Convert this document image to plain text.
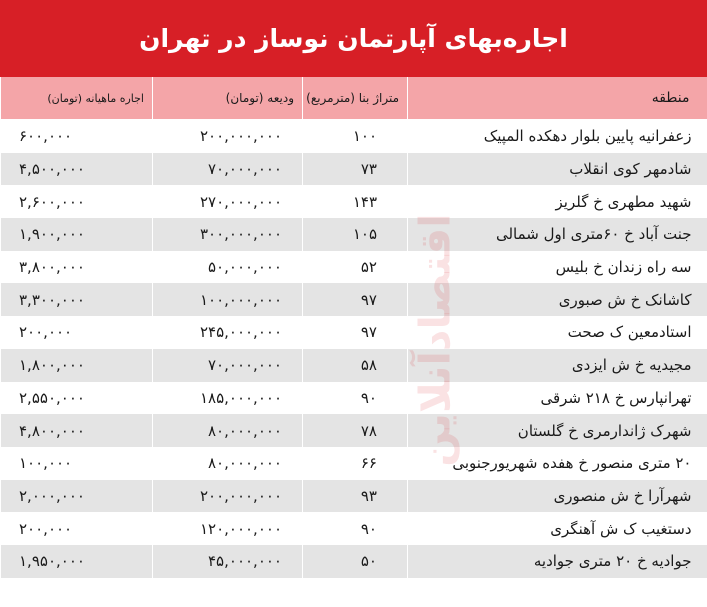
اجاره‌بهای آپارتمان نوساز در تهران
منطقه	متراژ بنا (مترمربع)	ودیعه (تومان)	اجاره ماهیانه (تومان)
زعفرانیه پایین بلوار دهکده المپیک	۱۰۰	۲۰۰,۰۰۰,۰۰۰	۶۰۰,۰۰۰
شادمهر کوی انقلاب	۷۳	۷۰,۰۰۰,۰۰۰	۴,۵۰۰,۰۰۰
شهید مطهری خ گلریز	۱۴۳	۲۷۰,۰۰۰,۰۰۰	۲,۶۰۰,۰۰۰
جنت آباد خ ۶۰متری اول شمالی	۱۰۵	۳۰۰,۰۰۰,۰۰۰	۱,۹۰۰,۰۰۰
سه راه زندان خ بلیس	۵۲	۵۰,۰۰۰,۰۰۰	۳,۸۰۰,۰۰۰
کاشانک خ ش صبوری	۹۷	۱۰۰,۰۰۰,۰۰۰	۳,۳۰۰,۰۰۰
استادمعین ک صحت	۹۷	۲۴۵,۰۰۰,۰۰۰	۲۰۰,۰۰۰
مجیدیه خ ش ایزدی	۵۸	۷۰,۰۰۰,۰۰۰	۱,۸۰۰,۰۰۰
تهرانپارس خ ۲۱۸ شرقی	۹۰	۱۸۵,۰۰۰,۰۰۰	۲,۵۵۰,۰۰۰
شهرک ژاندارمری خ گلستان	۷۸	۸۰,۰۰۰,۰۰۰	۴,۸۰۰,۰۰۰
۲۰ متری منصور خ هفده شهریورجنوبی	۶۶	۸۰,۰۰۰,۰۰۰	۱۰۰,۰۰۰
شهرآرا خ ش منصوری	۹۳	۲۰۰,۰۰۰,۰۰۰	۲,۰۰۰,۰۰۰
دستغیب ک ش آهنگری	۹۰	۱۲۰,۰۰۰,۰۰۰	۲۰۰,۰۰۰
جوادیه خ ۲۰ متری جوادیه	۵۰	۴۵,۰۰۰,۰۰۰	۱,۹۵۰,۰۰۰
